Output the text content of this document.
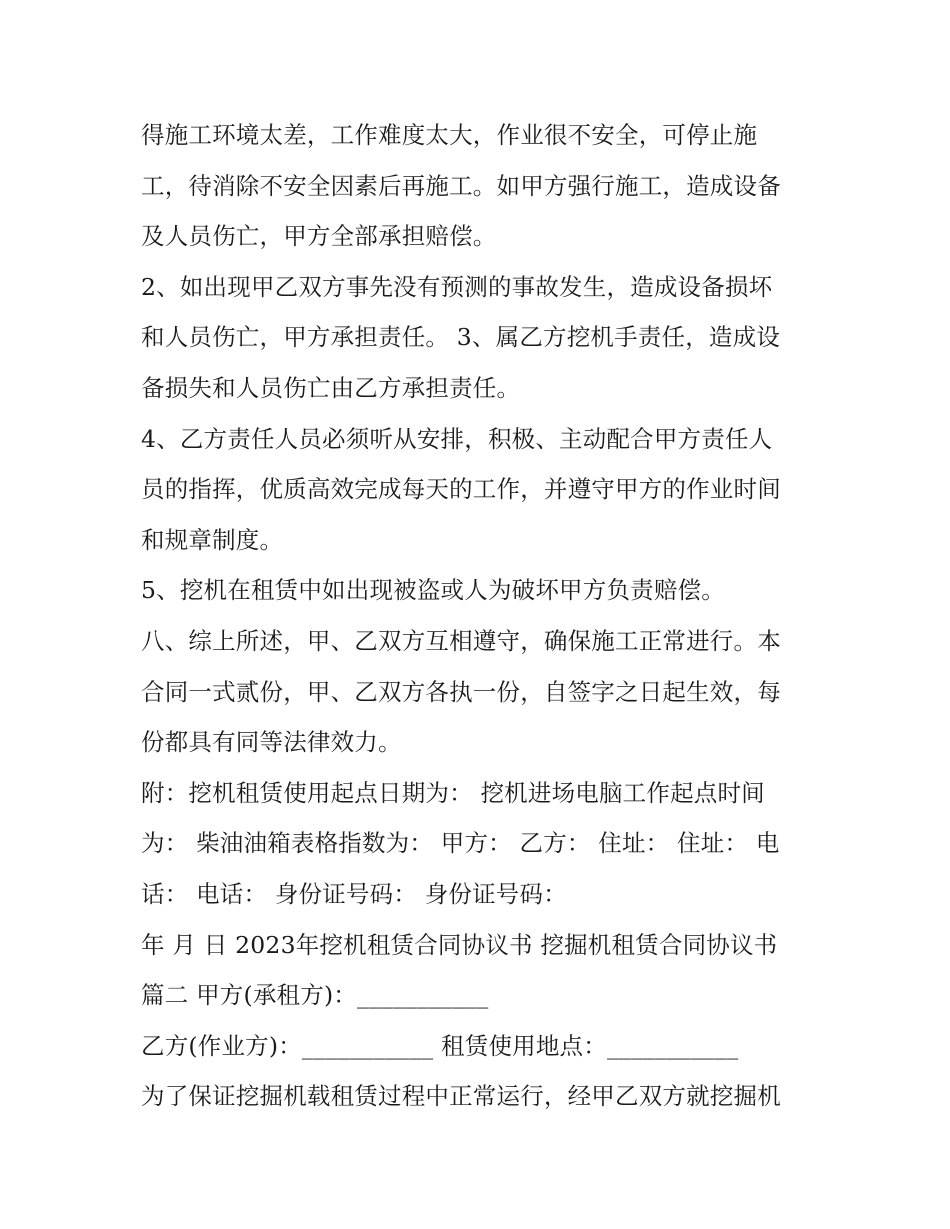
得施工环境太差，工作难度太大，作业很不安全，可停止施
工，待消除不安全因素后再施工。如甲方强行施工，造成设备
及人员伤亡，甲方全部承担赔偿。
2、如出现甲乙双方事先没有预测的事故发生，造成设备损坏
和人员伤亡，甲方承担责任。 3、属乙方挖机手责任，造成设
备损失和人员伤亡由乙方承担责任。
4、乙方责任人员必须听从安排，积极、主动配合甲方责任人
员的指挥，优质高效完成每天的工作，并遵守甲方的作业时间
和规章制度。
5、挖机在租赁中如出现被盗或人为破坏甲方负责赔偿。
八、综上所述，甲、乙双方互相遵守，确保施工正常进行。本
合同一式贰份，甲、乙双方各执一份，自签字之日起生效，每
份都具有同等法律效力。
附：挖机租赁使用起点日期为： 挖机进场电脑工作起点时间
为： 柴油油箱表格指数为： 甲方： 乙方： 住址： 住址： 电
话： 电话： 身份证号码： 身份证号码：
年 月 日 2023年挖机租赁合同协议书 挖掘机租赁合同协议书
篇二 甲方(承租方)：___________
乙方(作业方)：___________ 租赁使用地点：___________
为了保证挖掘机载租赁过程中正常运行，经甲乙双方就挖掘机
